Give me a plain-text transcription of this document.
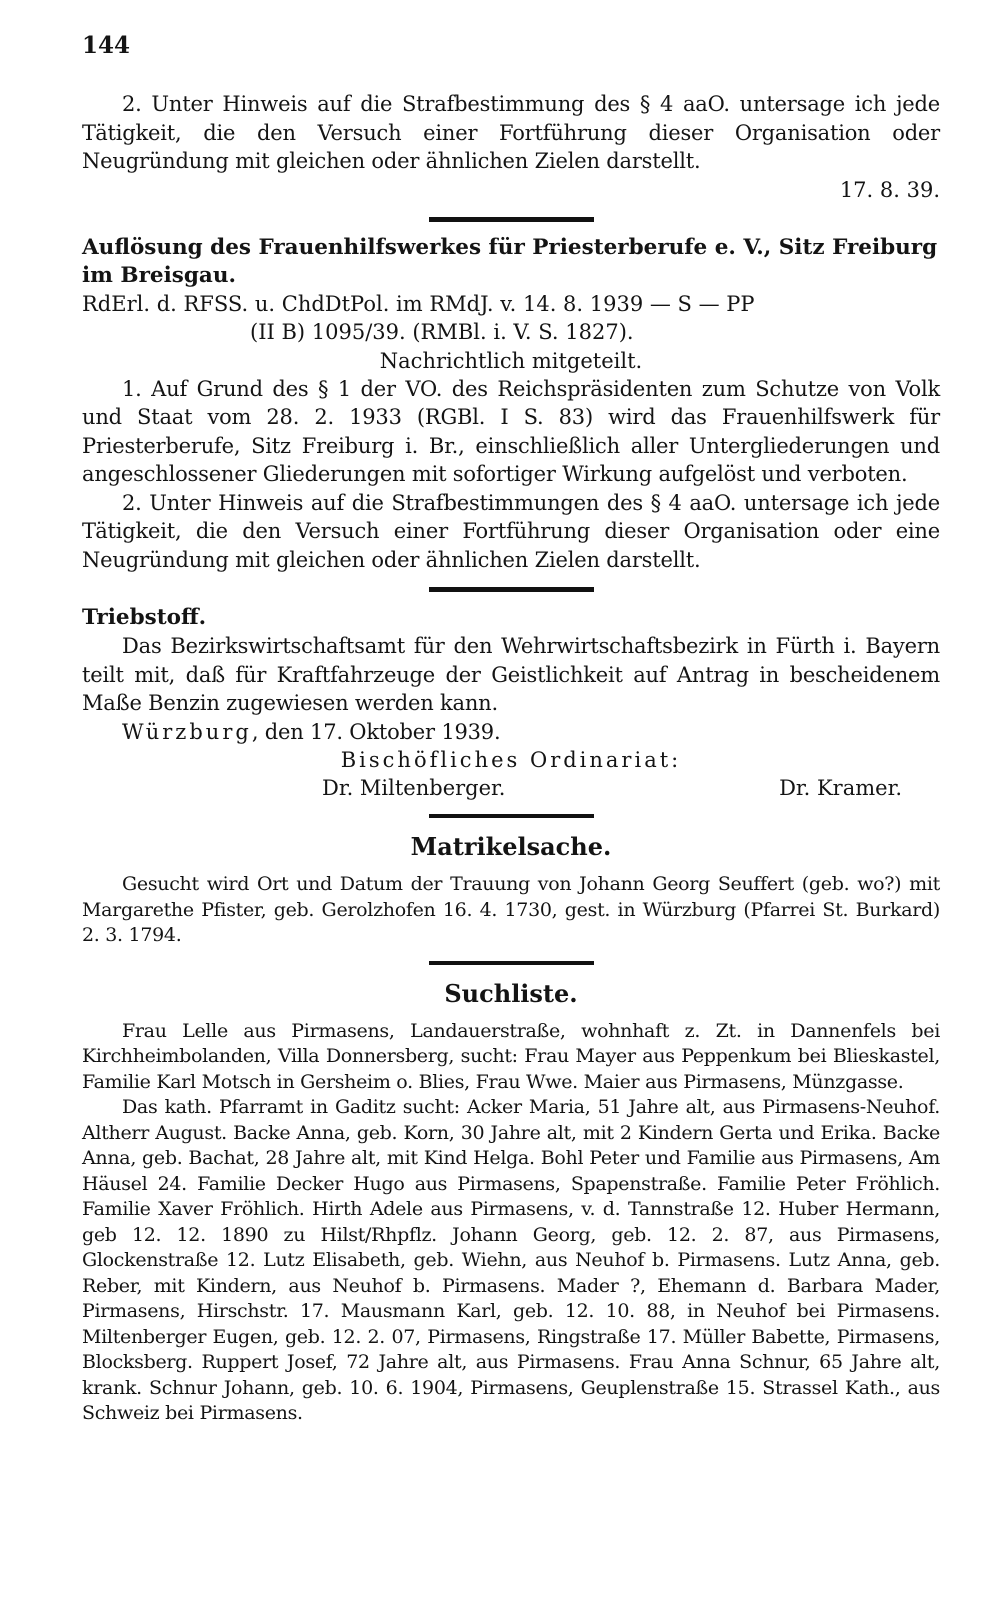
144

2. Unter Hinweis auf die Strafbestimmung des § 4 aaO. untersage ich jede Tätigkeit, die den Versuch einer Fortführung dieser Organisation oder Neugründung mit gleichen oder ähnlichen Zielen darstellt.

17. 8. 39.

Auflösung des Frauenhilfswerkes für Priesterberufe e. V., Sitz Freiburg im Breisgau.

RdErl. d. RFSS. u. ChdDtPol. im RMdJ. v. 14. 8. 1939 — S — PP

(II B) 1095/39. (RMBl. i. V. S. 1827).

Nachrichtlich mitgeteilt.

1. Auf Grund des § 1 der VO. des Reichspräsidenten zum Schutze von Volk und Staat vom 28. 2. 1933 (RGBl. I S. 83) wird das Frauenhilfswerk für Priesterberufe, Sitz Freiburg i. Br., einschließlich aller Untergliederungen und angeschlossener Gliederungen mit sofortiger Wirkung aufgelöst und verboten.

2. Unter Hinweis auf die Strafbestimmungen des § 4 aaO. untersage ich jede Tätigkeit, die den Versuch einer Fortführung dieser Organisation oder eine Neugründung mit gleichen oder ähnlichen Zielen darstellt.

Triebstoff.

Das Bezirkswirtschaftsamt für den Wehrwirtschaftsbezirk in Fürth i. Bayern teilt mit, daß für Kraftfahrzeuge der Geistlichkeit auf Antrag in bescheidenem Maße Benzin zugewiesen werden kann.

Würzburg, den 17. Oktober 1939.

Bischöfliches Ordinariat:

Dr. Miltenberger.	Dr. Kramer.

Matrikelsache.

Gesucht wird Ort und Datum der Trauung von Johann Georg Seuffert (geb. wo?) mit Margarethe Pfister, geb. Gerolzhofen 16. 4. 1730, gest. in Würzburg (Pfarrei St. Burkard) 2. 3. 1794.

Suchliste.

Frau Lelle aus Pirmasens, Landauerstraße, wohnhaft z. Zt. in Dannenfels bei Kirchheimbolanden, Villa Donnersberg, sucht: Frau Mayer aus Peppenkum bei Blieskastel, Familie Karl Motsch in Gersheim o. Blies, Frau Wwe. Maier aus Pirmasens, Münzgasse.

Das kath. Pfarramt in Gaditz sucht: Acker Maria, 51 Jahre alt, aus Pirmasens-Neuhof. Altherr August. Backe Anna, geb. Korn, 30 Jahre alt, mit 2 Kindern Gerta und Erika. Backe Anna, geb. Bachat, 28 Jahre alt, mit Kind Helga. Bohl Peter und Familie aus Pirmasens, Am Häusel 24. Familie Decker Hugo aus Pirmasens, Spapenstraße. Familie Peter Fröhlich. Familie Xaver Fröhlich. Hirth Adele aus Pirmasens, v. d. Tannstraße 12. Huber Hermann, geb 12. 12. 1890 zu Hilst/Rhpflz. Johann Georg, geb. 12. 2. 87, aus Pirmasens, Glockenstraße 12. Lutz Elisabeth, geb. Wiehn, aus Neuhof b. Pirmasens. Lutz Anna, geb. Reber, mit Kindern, aus Neuhof b. Pirmasens. Mader ?, Ehemann d. Barbara Mader, Pirmasens, Hirschstr. 17. Mausmann Karl, geb. 12. 10. 88, in Neuhof bei Pirmasens. Miltenberger Eugen, geb. 12. 2. 07, Pirmasens, Ringstraße 17. Müller Babette, Pirmasens, Blocksberg. Ruppert Josef, 72 Jahre alt, aus Pirmasens. Frau Anna Schnur, 65 Jahre alt, krank. Schnur Johann, geb. 10. 6. 1904, Pirmasens, Geuplenstraße 15. Strassel Kath., aus Schweiz bei Pirmasens.
